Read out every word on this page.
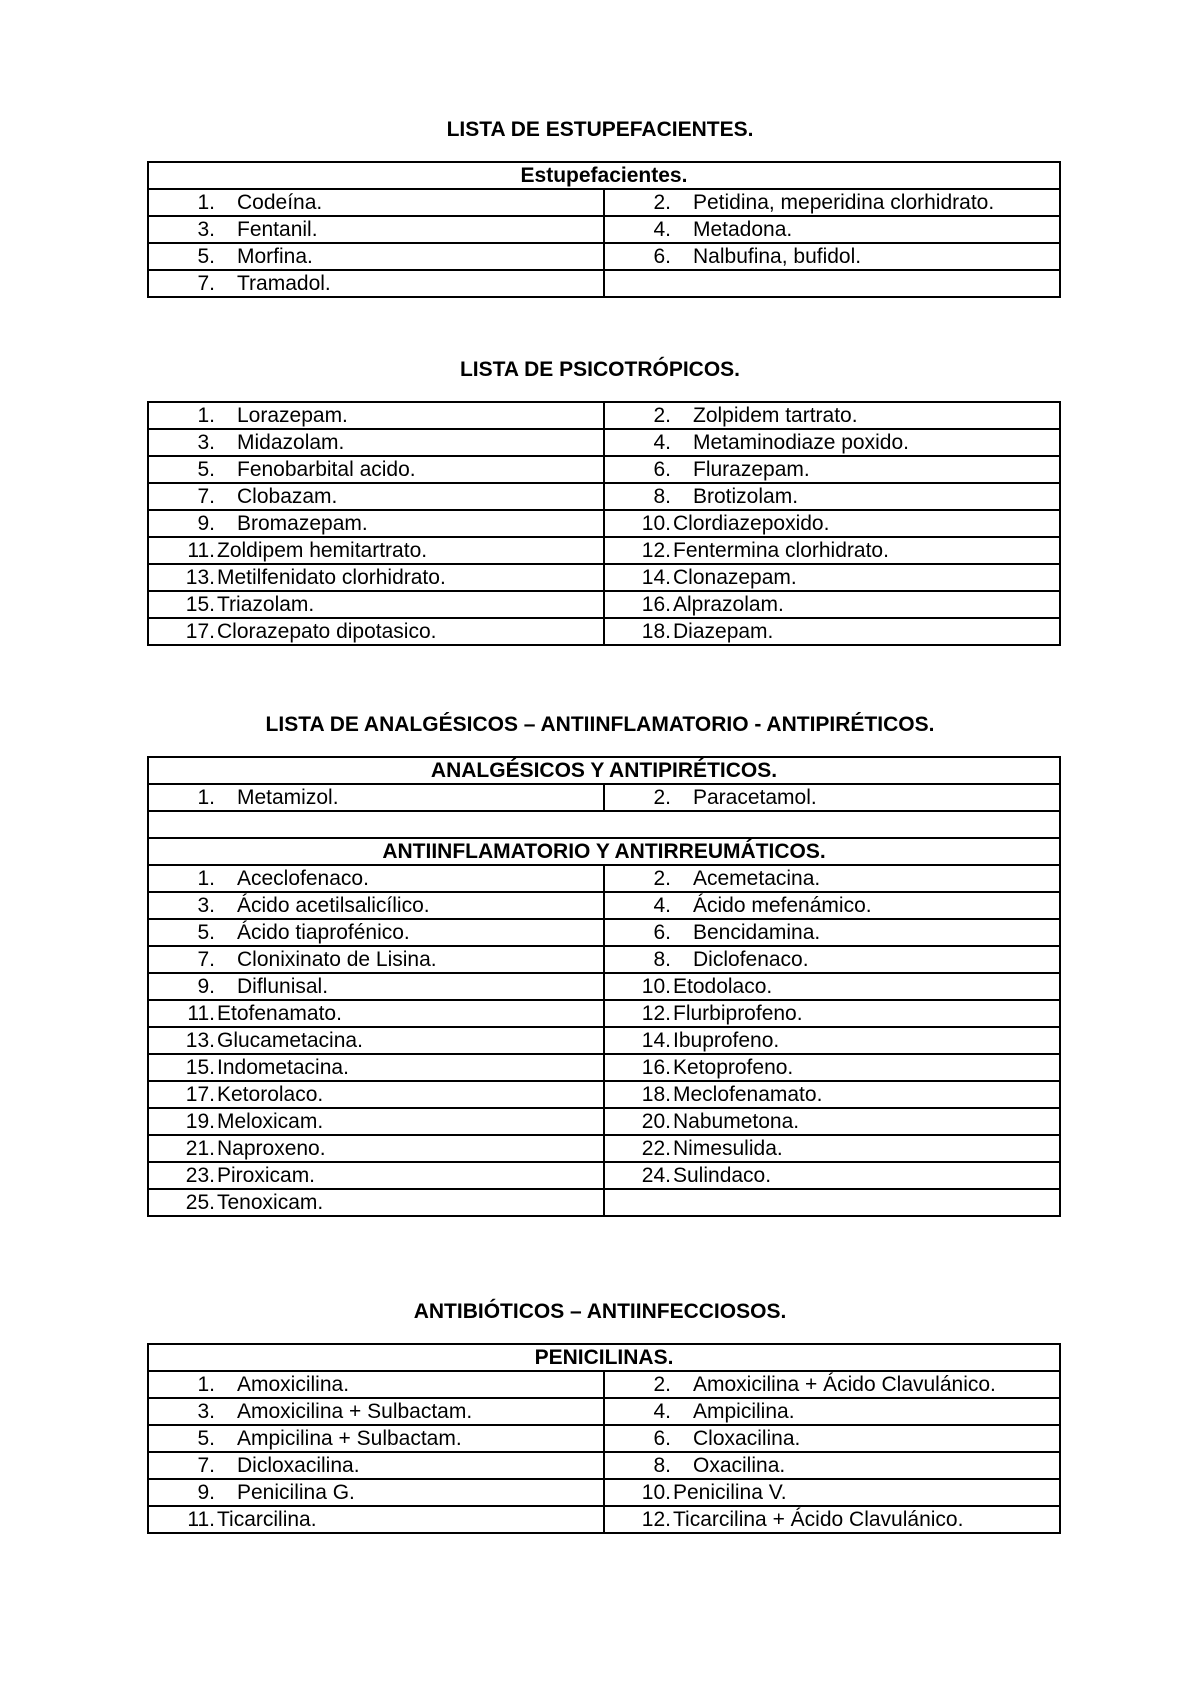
LISTA DE ESTUPEFACIENTES.
Estupefacientes.	

1. Codeína.	2. Petidina, meperidina clorhidrato.

3. Fentanil.	4. Metadona.

5. Morfina.	6. Nalbufina, bufidol.

7. Tramadol.	

LISTA DE PSICOTRÓPICOS.
1. Lorazepam.	2. Zolpidem tartrato.

3. Midazolam.	4. Metaminodiaze poxido.

5. Fenobarbital acido.	6. Flurazepam.

7. Clobazam.	8. Brotizolam.

9. Bromazepam.	10. Clordiazepoxido.

11. Zoldipem hemitartrato.	12. Fentermina clorhidrato.

13. Metilfenidato clorhidrato.	14. Clonazepam.

15. Triazolam.	16. Alprazolam.

17. Clorazepato dipotasico.	18. Diazepam.
LISTA DE ANALGÉSICOS – ANTIINFLAMATORIO - ANTIPIRÉTICOS.
ANALGÉSICOS Y ANTIPIRÉTICOS.	

1. Metamizol.	2. Paracetamol.

ANTIINFLAMATORIO Y ANTIRREUMÁTICOS.	

1. Aceclofenaco.	2. Acemetacina.

3. Ácido acetilsalicílico.	4. Ácido mefenámico.

5. Ácido tiaprofénico.	6. Bencidamina.

7. Clonixinato de Lisina.	8. Diclofenaco.

9. Diflunisal.	10. Etodolaco.

11. Etofenamato.	12. Flurbiprofeno.

13. Glucametacina.	14. Ibuprofeno.

15. Indometacina.	16. Ketoprofeno.

17. Ketorolaco.	18. Meclofenamato.

19. Meloxicam.	20. Nabumetona.

21. Naproxeno.	22. Nimesulida.

23. Piroxicam.	24. Sulindaco.

25. Tenoxicam.	

ANTIBIÓTICOS – ANTIINFECCIOSOS.
PENICILINAS.	

1. Amoxicilina.	2. Amoxicilina + Ácido Clavulánico.

3. Amoxicilina + Sulbactam.	4. Ampicilina.

5. Ampicilina + Sulbactam.	6. Cloxacilina.

7. Dicloxacilina.	8. Oxacilina.

9. Penicilina G.	10. Penicilina V.

11. Ticarcilina.	12. Ticarcilina + Ácido Clavulánico.
